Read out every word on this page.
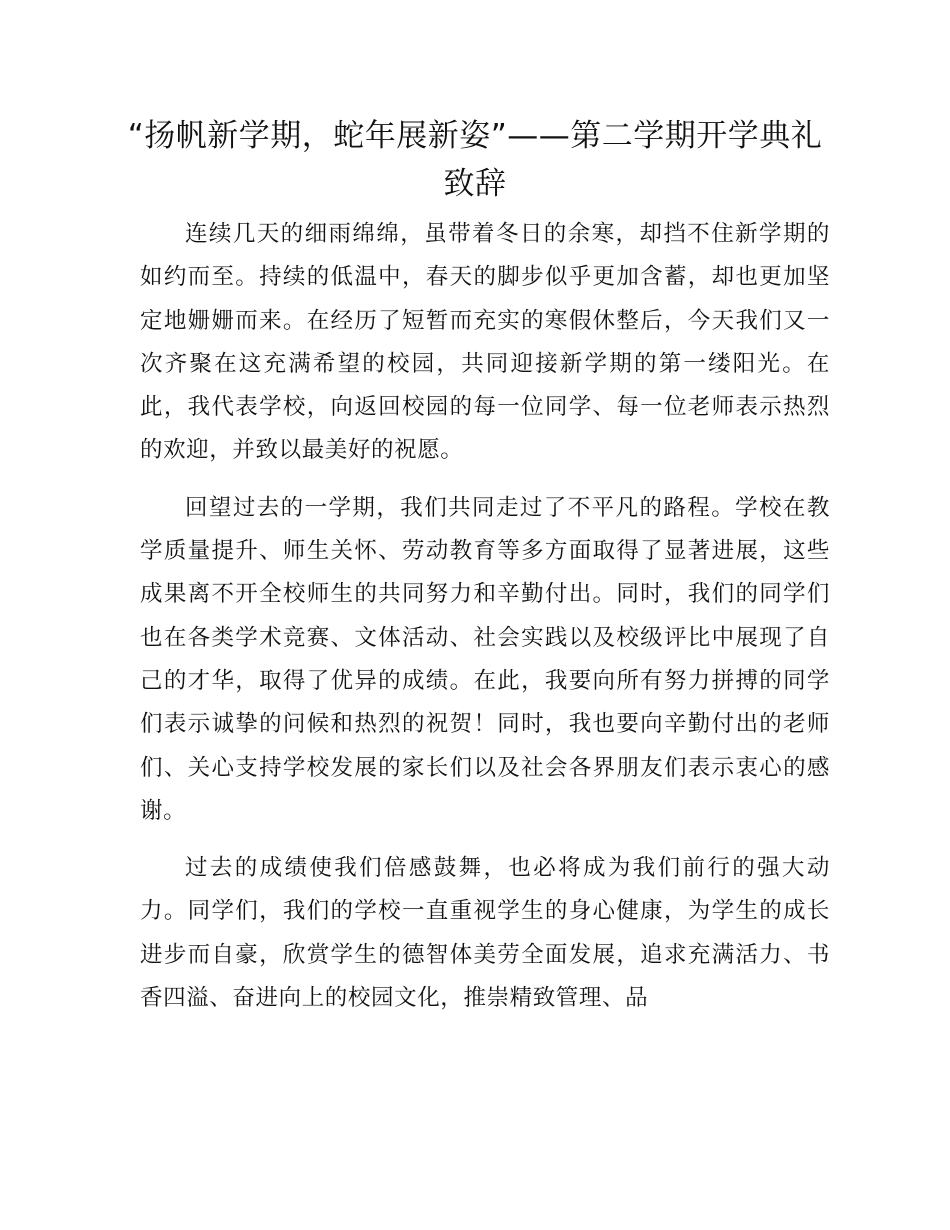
“扬帆新学期，蛇年展新姿”——第二学期开学典礼致辞

连续几天的细雨绵绵，虽带着冬日的余寒，却挡不住新学期的如约而至。持续的低温中，春天的脚步似乎更加含蓄，却也更加坚定地姗姗而来。在经历了短暂而充实的寒假休整后，今天我们又一次齐聚在这充满希望的校园，共同迎接新学期的第一缕阳光。在此，我代表学校，向返回校园的每一位同学、每一位老师表示热烈的欢迎，并致以最美好的祝愿。

回望过去的一学期，我们共同走过了不平凡的路程。学校在教学质量提升、师生关怀、劳动教育等多方面取得了显著进展，这些成果离不开全校师生的共同努力和辛勤付出。同时，我们的同学们也在各类学术竞赛、文体活动、社会实践以及校级评比中展现了自己的才华，取得了优异的成绩。在此，我要向所有努力拼搏的同学们表示诚挚的问候和热烈的祝贺！同时，我也要向辛勤付出的老师们、关心支持学校发展的家长们以及社会各界朋友们表示衷心的感谢。

过去的成绩使我们倍感鼓舞，也必将成为我们前行的强大动力。同学们，我们的学校一直重视学生的身心健康，为学生的成长进步而自豪，欣赏学生的德智体美劳全面发展，追求充满活力、书香四溢、奋进向上的校园文化，推崇精致管理、品
